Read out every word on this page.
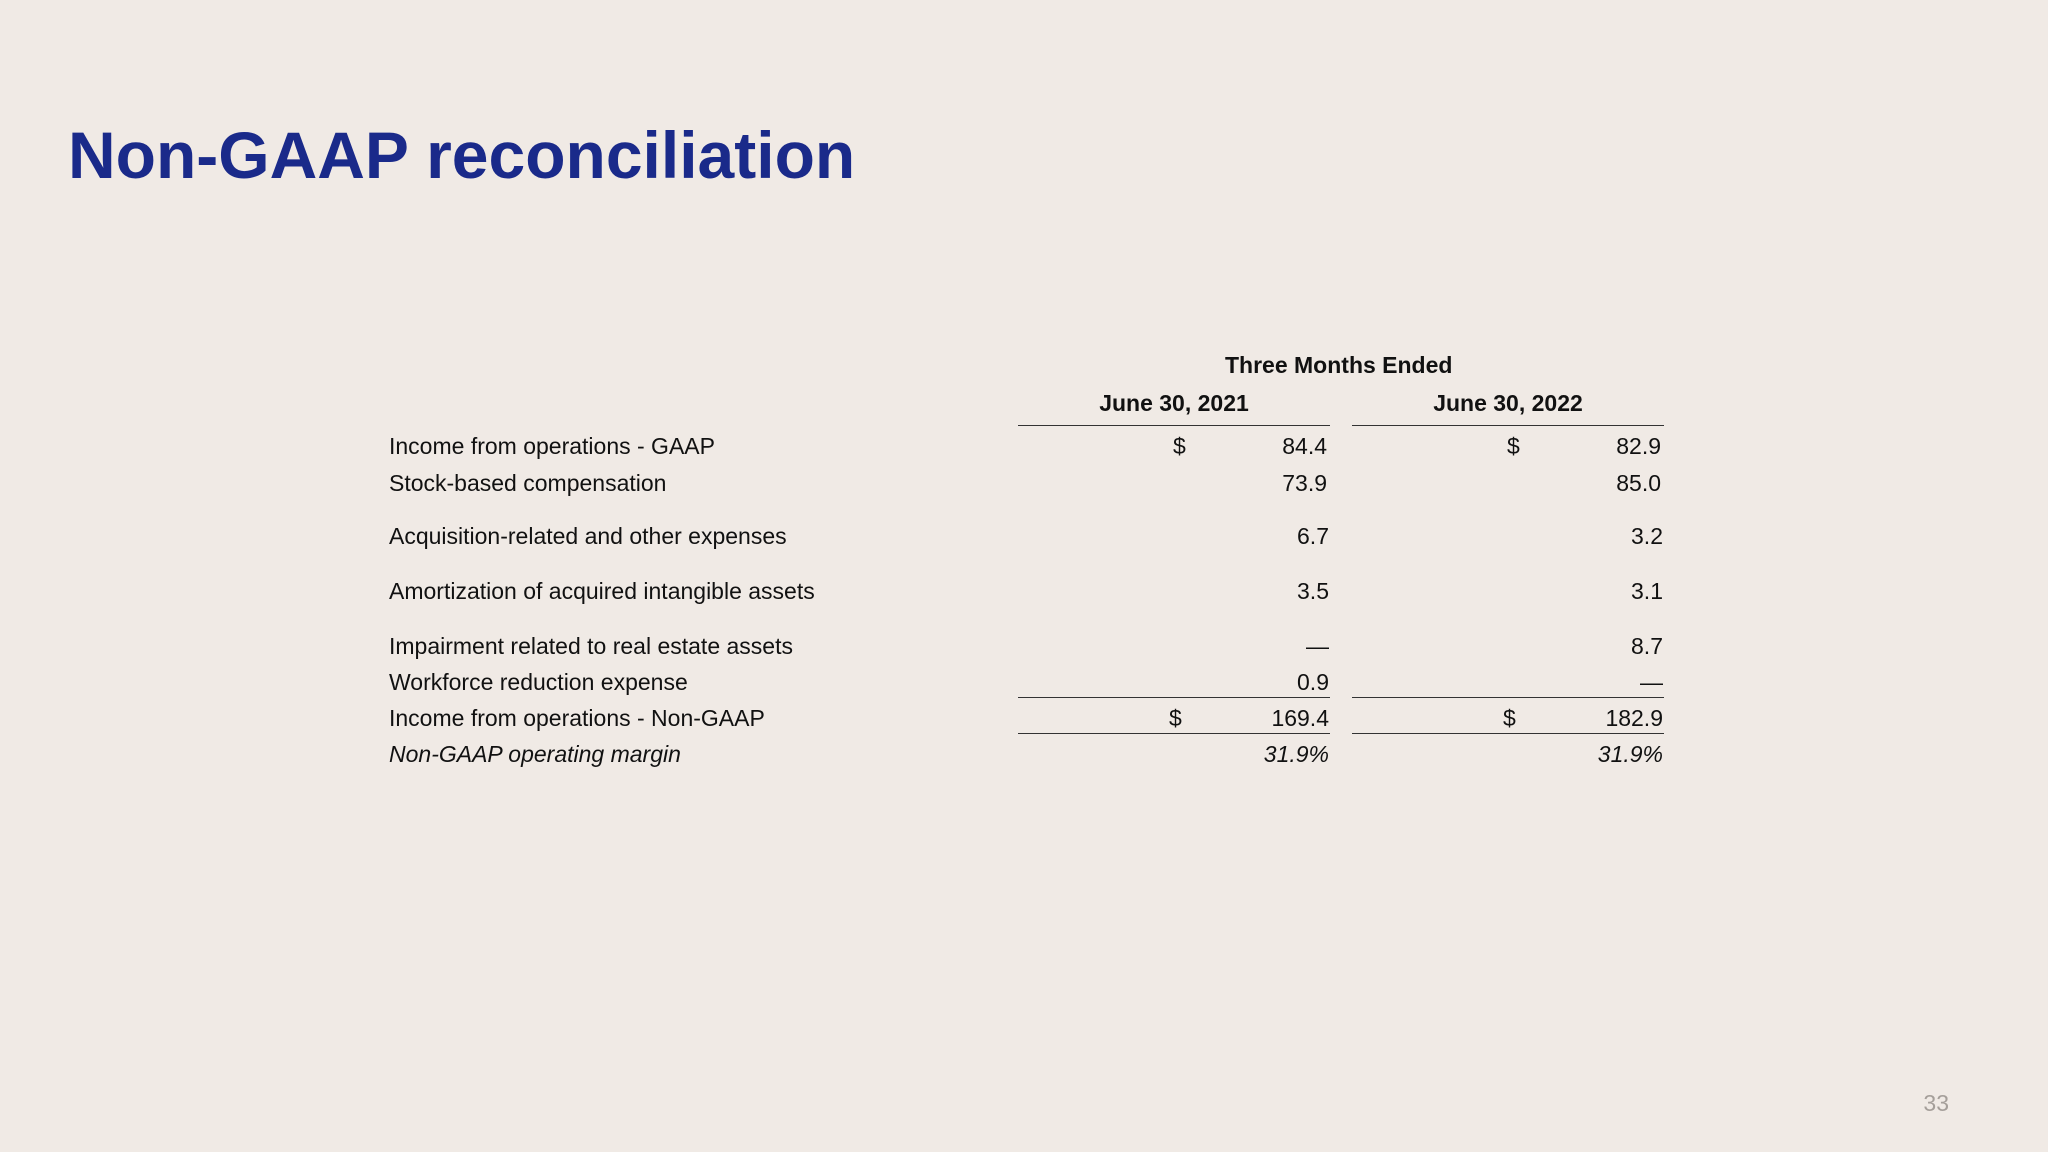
Non-GAAP reconciliation
Three Months Ended
June 30, 2021	June 30, 2022
Income from operations - GAAP	$	84.4	$	82.9
Stock-based compensation	73.9	85.0
Acquisition-related and other expenses	6.7	3.2
Amortization of acquired intangible assets	3.5	3.1
Impairment related to real estate assets	—	8.7
Workforce reduction expense	0.9	—
Income from operations - Non-GAAP	$	169.4	$	182.9
Non-GAAP operating margin	31.9%	31.9%
33
